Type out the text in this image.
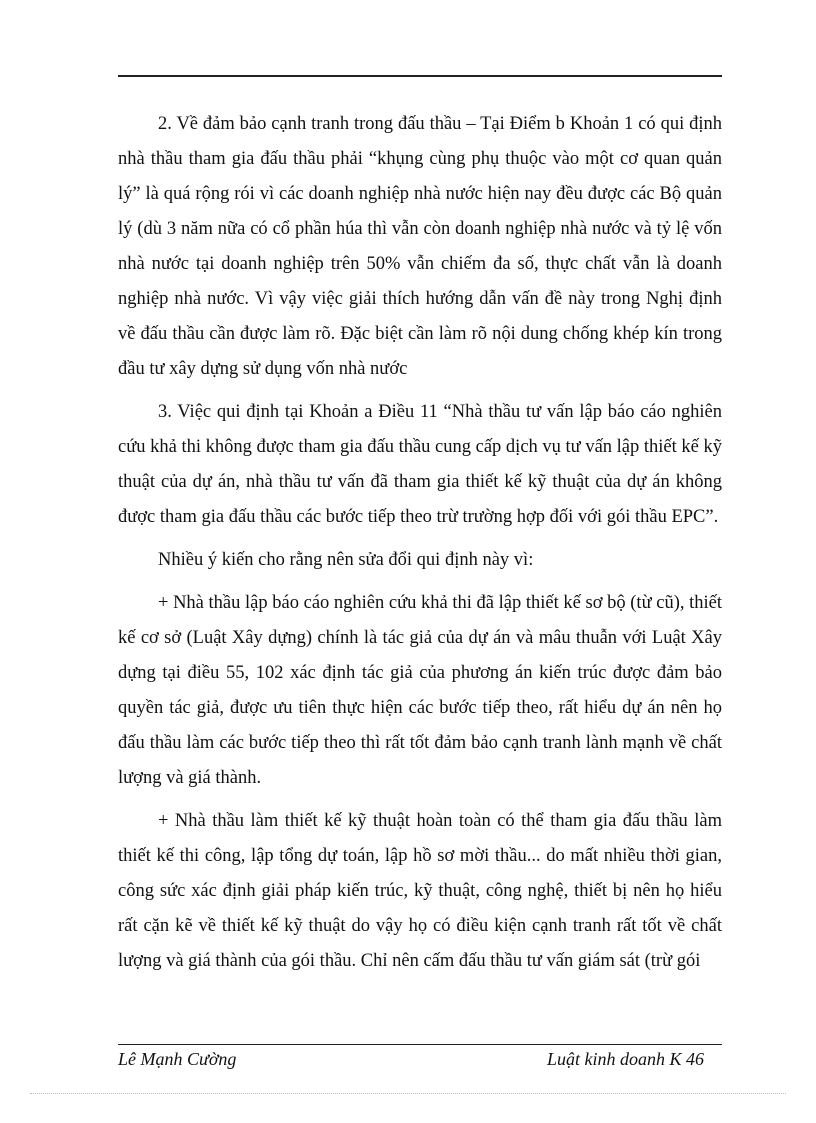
2. Về đảm bảo cạnh tranh trong đấu thầu – Tại Điểm b Khoản 1 có qui định nhà thầu tham gia đấu thầu phải “khụng cùng phụ thuộc vào một cơ quan quản lý” là quá rộng rói vì các doanh nghiệp nhà nước hiện nay đều được các Bộ quản lý (dù 3 năm nữa có cổ phần húa thì vẫn còn doanh nghiệp nhà nước và tỷ lệ vốn nhà nước tại doanh nghiệp trên 50% vẫn chiếm đa số, thực chất vẫn là doanh nghiệp nhà nước. Vì vậy việc giải thích hướng dẫn vấn đề này trong Nghị định về đấu thầu cần được làm rõ. Đặc biệt cần làm rõ nội dung chống khép kín trong đầu tư xây dựng sử dụng vốn nhà nước

3. Việc qui định tại Khoản a Điều 11 “Nhà thầu tư vấn lập báo cáo nghiên cứu khả thi không được tham gia đấu thầu cung cấp dịch vụ tư vấn lập thiết kế kỹ thuật của dự án, nhà thầu tư vấn đã tham gia thiết kế kỹ thuật của dự án không được tham gia đấu thầu các bước tiếp theo trừ trường hợp đối với gói thầu EPC”.

Nhiều ý kiến cho rằng nên sửa đổi qui định này vì:

+ Nhà thầu lập báo cáo nghiên cứu khả thi đã lập thiết kế sơ bộ (từ cũ), thiết kế cơ sở (Luật Xây dựng) chính là tác giả của dự án và mâu thuẫn với Luật Xây dựng tại điều 55, 102 xác định tác giả của phương án kiến trúc được đảm bảo quyền tác giả, được ưu tiên thực hiện các bước tiếp theo, rất hiểu dự án nên họ đấu thầu làm các bước tiếp theo thì rất tốt đảm bảo cạnh tranh lành mạnh về chất lượng và giá thành.

+ Nhà thầu làm thiết kế kỹ thuật hoàn toàn có thể tham gia đấu thầu làm thiết kế thi công, lập tổng dự toán, lập hồ sơ mời thầu... do mất nhiều thời gian, công sức xác định giải pháp kiến trúc, kỹ thuật, công nghệ, thiết bị nên họ hiểu rất cặn kẽ về thiết kế kỹ thuật do vậy họ có điều kiện cạnh tranh rất tốt về chất lượng và giá thành của gói thầu. Chỉ nên cấm đấu thầu tư vấn giám sát (trừ gói

Lê Mạnh Cường	Luật kinh doanh K 46
